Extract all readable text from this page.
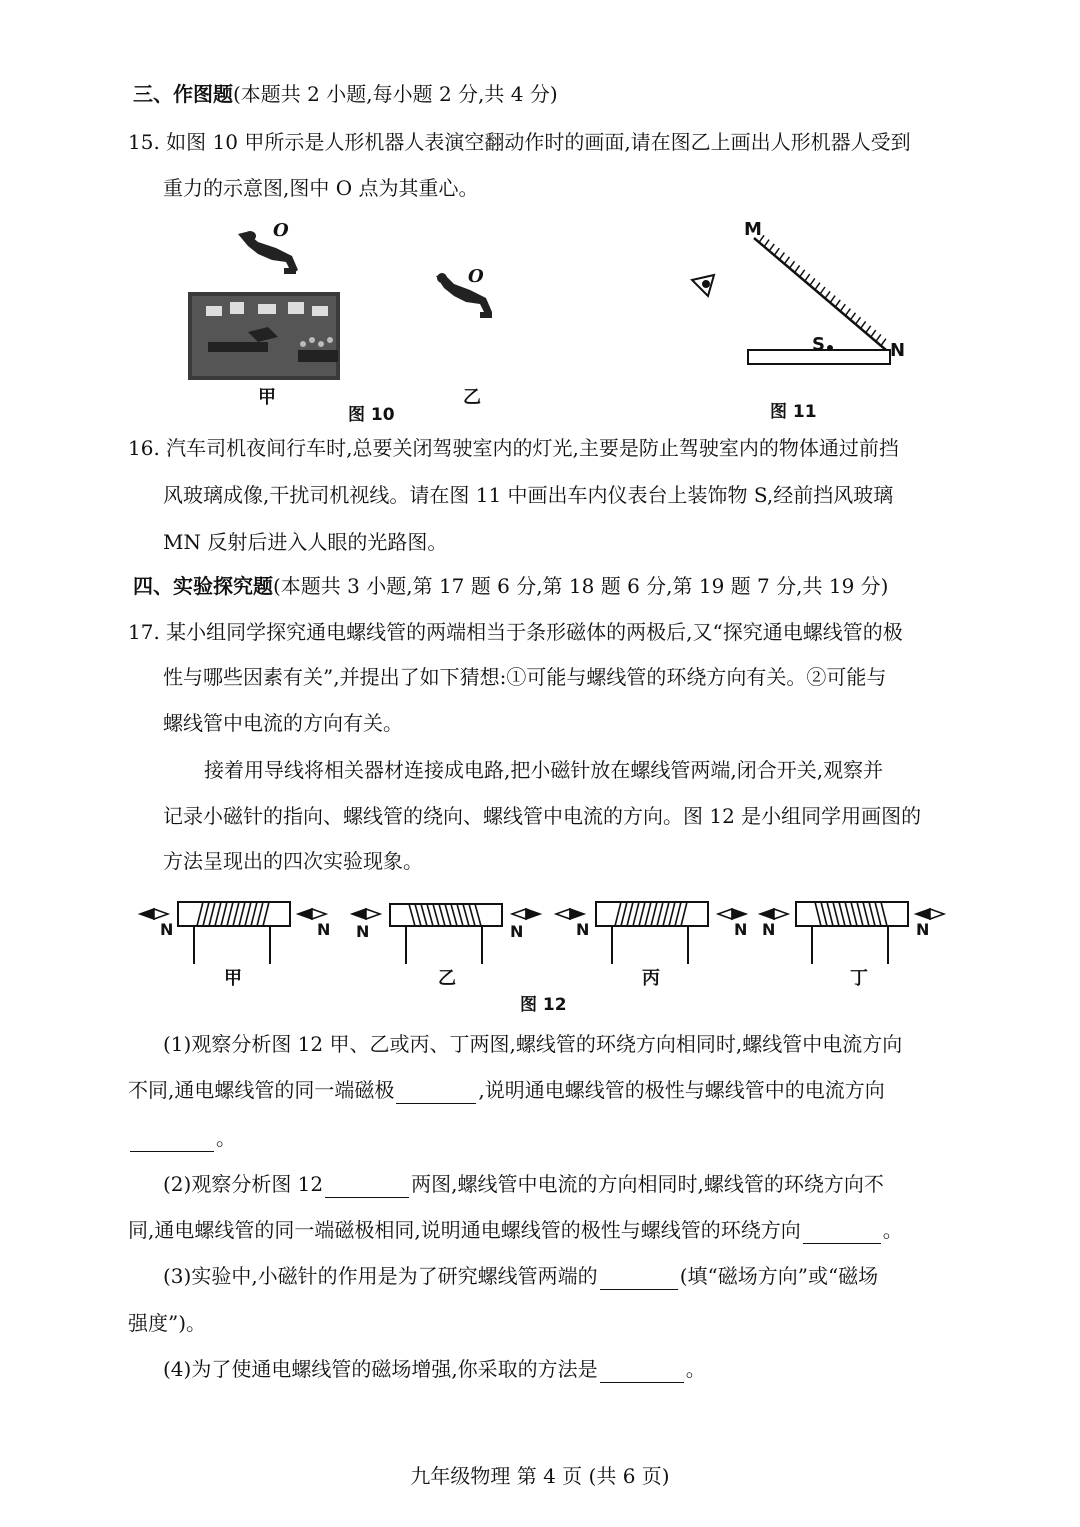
三、作图题(本题共 2 小题,每小题 2 分,共 4 分)
15. 如图 10 甲所示是人形机器人表演空翻动作时的画面,请在图乙上画出人形机器人受到
重力的示意图,图中 O 点为其重心。
O
甲
O
乙
图 10
M
N
S
图 11
16. 汽车司机夜间行车时,总要关闭驾驶室内的灯光,主要是防止驾驶室内的物体通过前挡
风玻璃成像,干扰司机视线。请在图 11 中画出车内仪表台上装饰物 S,经前挡风玻璃
MN 反射后进入人眼的光路图。
四、实验探究题(本题共 3 小题,第 17 题 6 分,第 18 题 6 分,第 19 题 7 分,共 19 分)
17. 某小组同学探究通电螺线管的两端相当于条形磁体的两极后,又“探究通电螺线管的极
性与哪些因素有关”,并提出了如下猜想:①可能与螺线管的环绕方向有关。②可能与
螺线管中电流的方向有关。
接着用导线将相关器材连接成电路,把小磁针放在螺线管两端,闭合开关,观察并
记录小磁针的指向、螺线管的绕向、螺线管中电流的方向。图 12 是小组同学用画图的
方法呈现出的四次实验现象。
N	N N	N	N	N N	N
甲	乙	丙	丁
图 12
(1)观察分析图 12 甲、乙或丙、丁两图,螺线管的环绕方向相同时,螺线管中电流方向
不同,通电螺线管的同一端磁极	,说明通电螺线管的极性与螺线管中的电流方向
。
(2)观察分析图 12	两图,螺线管中电流的方向相同时,螺线管的环绕方向不
同,通电螺线管的同一端磁极相同,说明通电螺线管的极性与螺线管的环绕方向	。
(3)实验中,小磁针的作用是为了研究螺线管两端的	(填“磁场方向”或“磁场
强度”)。
(4)为了使通电螺线管的磁场增强,你采取的方法是	。
九年级物理 第 4 页 (共 6 页)
